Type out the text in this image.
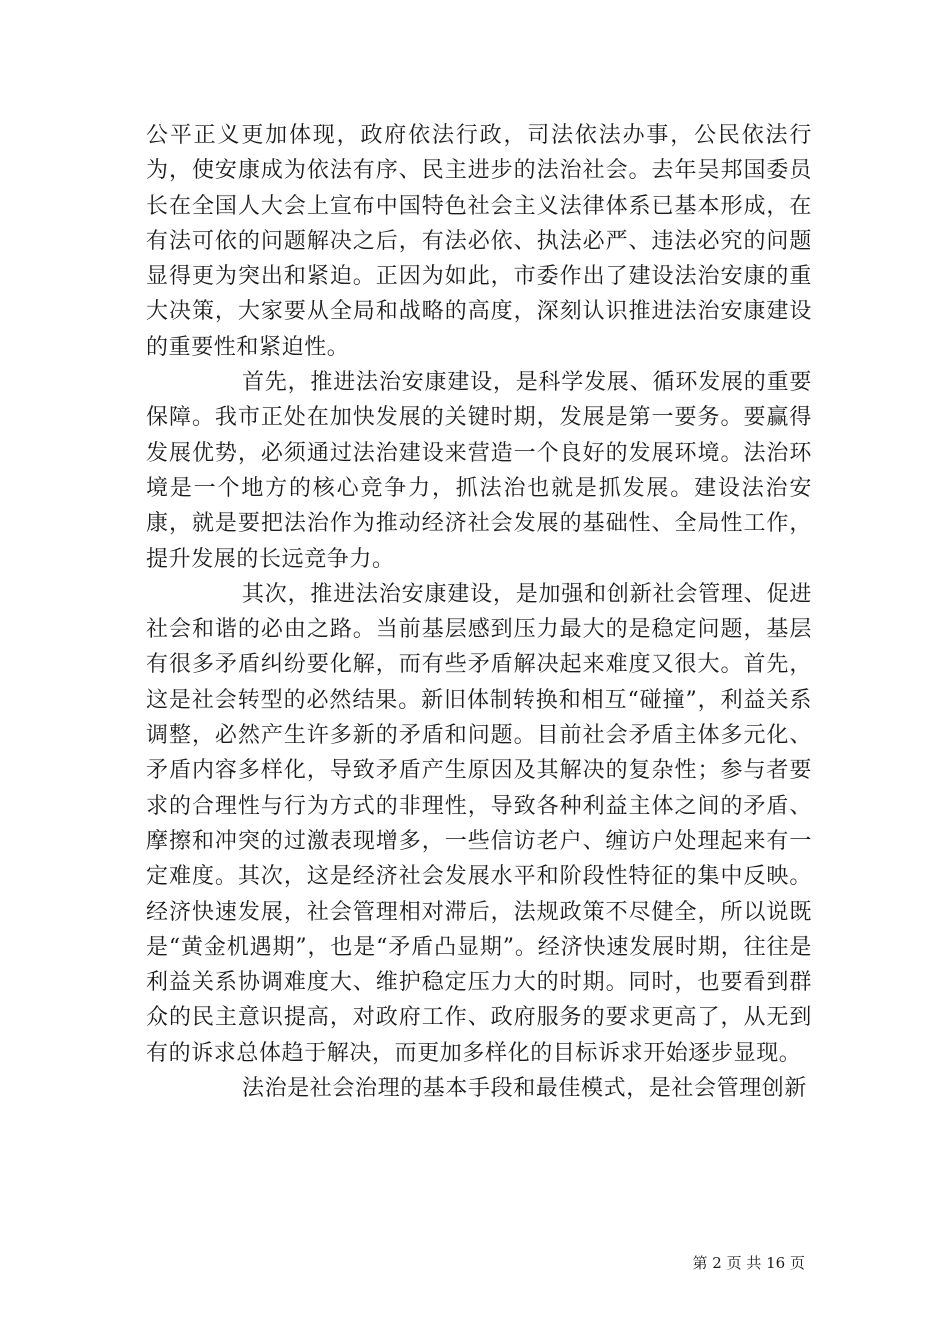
公平正义更加体现，政府依法行政，司法依法办事，公民依法行为，使安康成为依法有序、民主进步的法治社会。去年吴邦国委员长在全国人大会上宣布中国特色社会主义法律体系已基本形成，在有法可依的问题解决之后，有法必依、执法必严、违法必究的问题显得更为突出和紧迫。正因为如此，市委作出了建设法治安康的重大决策，大家要从全局和战略的高度，深刻认识推进法治安康建设的重要性和紧迫性。

首先，推进法治安康建设，是科学发展、循环发展的重要保障。我市正处在加快发展的关键时期，发展是第一要务。要赢得发展优势，必须通过法治建设来营造一个良好的发展环境。法治环境是一个地方的核心竞争力，抓法治也就是抓发展。建设法治安康，就是要把法治作为推动经济社会发展的基础性、全局性工作，提升发展的长远竞争力。

其次，推进法治安康建设，是加强和创新社会管理、促进社会和谐的必由之路。当前基层感到压力最大的是稳定问题，基层有很多矛盾纠纷要化解，而有些矛盾解决起来难度又很大。首先，这是社会转型的必然结果。新旧体制转换和相互“碰撞”，利益关系调整，必然产生许多新的矛盾和问题。目前社会矛盾主体多元化、矛盾内容多样化，导致矛盾产生原因及其解决的复杂性；参与者要求的合理性与行为方式的非理性，导致各种利益主体之间的矛盾、摩擦和冲突的过激表现增多，一些信访老户、缠访户处理起来有一定难度。其次，这是经济社会发展水平和阶段性特征的集中反映。经济快速发展，社会管理相对滞后，法规政策不尽健全，所以说既是“黄金机遇期”，也是“矛盾凸显期”。经济快速发展时期，往往是利益关系协调难度大、维护稳定压力大的时期。同时，也要看到群众的民主意识提高，对政府工作、政府服务的要求更高了，从无到有的诉求总体趋于解决，而更加多样化的目标诉求开始逐步显现。

法治是社会治理的基本手段和最佳模式，是社会管理创新

第 2 页 共 16 页
